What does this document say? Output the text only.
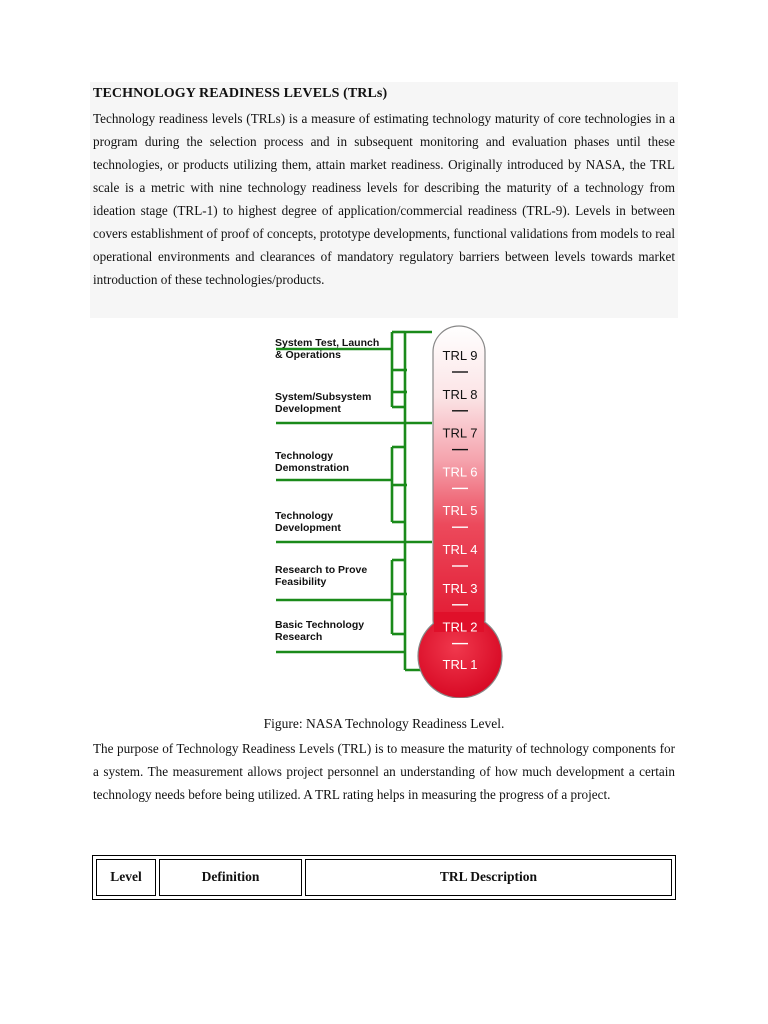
TECHNOLOGY READINESS LEVELS (TRLs)
Technology readiness levels (TRLs) is a measure of estimating technology maturity of core technologies in a program during the selection process and in subsequent monitoring and evaluation phases until these technologies, or products utilizing them, attain market readiness. Originally introduced by NASA, the TRL scale is a metric with nine technology readiness levels for describing the maturity of a technology from ideation stage (TRL-1) to highest degree of application/commercial readiness (TRL-9). Levels in between covers establishment of proof of concepts, prototype developments, functional validations from models to real operational environments and clearances of mandatory regulatory barriers between levels towards market introduction of these technologies/products.
TRL 9
TRL 8
TRL 7
TRL 6
TRL 5
TRL 4
TRL 3
TRL 2
TRL 1
System Test, Launch
& Operations
System/Subsystem
Development
Technology
Demonstration
Technology
Development
Research to Prove
Feasibility
Basic Technology
Research
Figure: NASA Technology Readiness Level.
The purpose of Technology Readiness Levels (TRL) is to measure the maturity of technology components for a system. The measurement allows project personnel an understanding of how much development a certain technology needs before being utilized. A TRL rating helps in measuring the progress of a project.
Level	Definition	TRL Description
